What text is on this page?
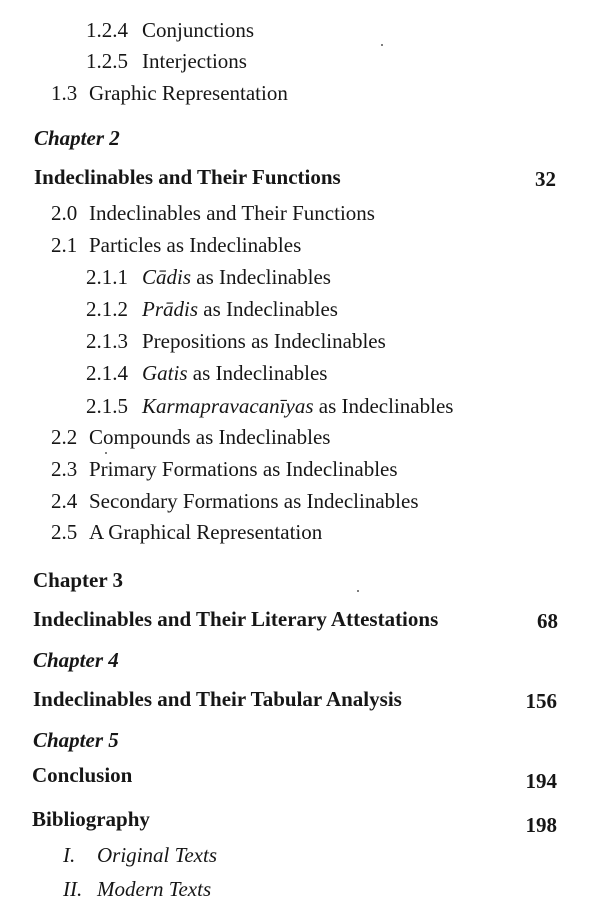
1.2.4 Conjunctions
1.2.5 Interjections
1.3 Graphic Representation
Chapter 2
Indeclinables and Their Functions	32
2.0 Indeclinables and Their Functions
2.1 Particles as Indeclinables
2.1.1 Cādis as Indeclinables
2.1.2 Prādis as Indeclinables
2.1.3 Prepositions as Indeclinables
2.1.4 Gatis as Indeclinables
2.1.5 Karmapravacanīyas as Indeclinables
2.2 Compounds as Indeclinables
2.3 Primary Formations as Indeclinables
2.4 Secondary Formations as Indeclinables
2.5 A Graphical Representation
Chapter 3
Indeclinables and Their Literary Attestations	68
Chapter 4
Indeclinables and Their Tabular Analysis	156
Chapter 5
Conclusion	194
Bibliography	198
I. Original Texts
II. Modern Texts
